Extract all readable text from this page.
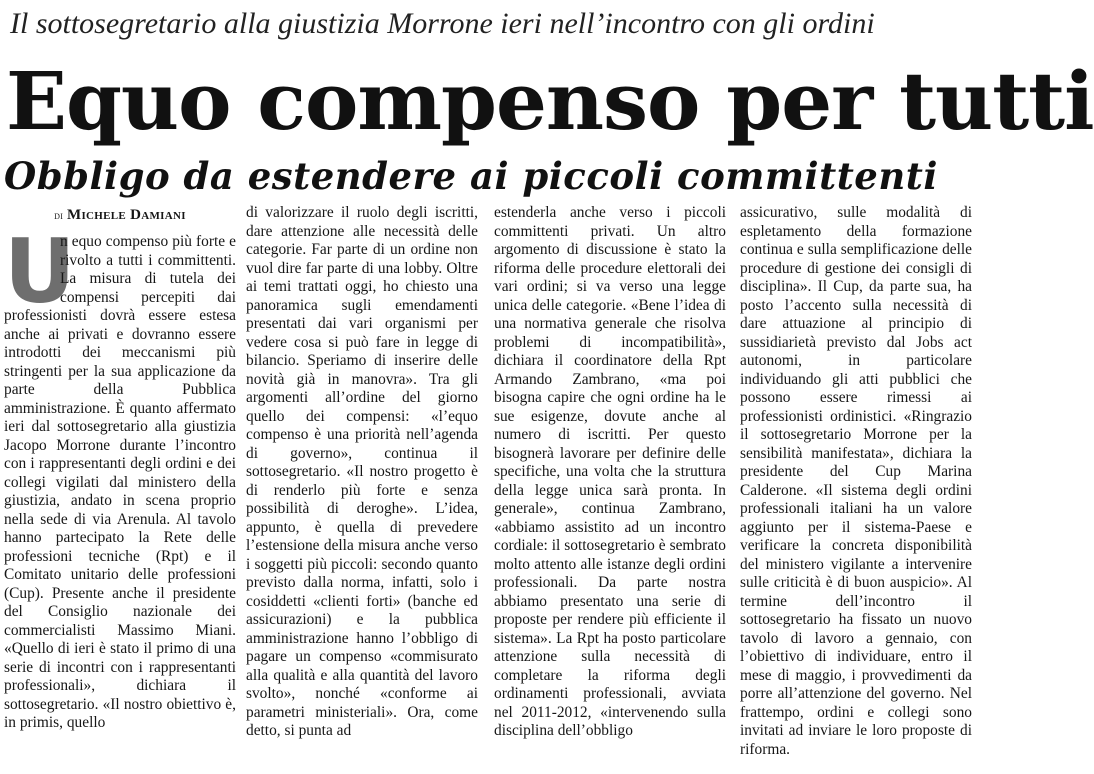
Il sottosegretario alla giustizia Morrone ieri nell’incontro con gli ordini
Equo compenso per tutti
Obbligo da estendere ai piccoli committenti
di Michele Damiani
U

n equo compenso più forte e rivolto a tutti i committenti. La misura di tutela dei compensi percepiti dai professionisti dovrà essere estesa anche ai privati e dovranno essere introdotti dei meccanismi più stringenti per la sua applicazione da parte della Pubblica amministrazione. È quanto affermato ieri dal sottosegretario alla giustizia Jacopo Morrone durante l’incontro con i rappresentanti degli ordini e dei collegi vigilati dal ministero della giustizia, andato in scena proprio nella sede di via Arenula. Al tavolo hanno partecipato la Rete delle professioni tecniche (Rpt) e il Comitato unitario delle professioni (Cup). Presente anche il presidente del Consiglio nazionale dei commercialisti Massimo Miani. «Quello di ieri è stato il primo di una serie di incontri con i rappresentanti professionali», dichiara il sottosegretario. «Il nostro obiettivo è, in primis, quello

di valorizzare il ruolo degli iscritti, dare attenzione alle necessità delle categorie. Far parte di un ordine non vuol dire far parte di una lobby. Oltre ai temi trattati oggi, ho chiesto una panoramica sugli emendamenti presentati dai vari organismi per vedere cosa si può fare in legge di bilancio. Speriamo di inserire delle novità già in manovra». Tra gli argomenti all’ordine del giorno quello dei compensi: «l’equo compenso è una priorità nell’agenda di governo», continua il sottosegretario. «Il nostro progetto è di renderlo più forte e senza possibilità di deroghe». L’idea, appunto, è quella di prevedere l’estensione della misura anche verso i soggetti più piccoli: secondo quanto previsto dalla norma, infatti, solo i cosiddetti «clienti forti» (banche ed assicurazioni) e la pubblica amministrazione hanno l’obbligo di pagare un compenso «commisurato alla qualità e alla quantità del lavoro svolto», nonché «conforme ai parametri ministeriali». Ora, come detto, si punta ad

estenderla anche verso i piccoli committenti privati. Un altro argomento di discussione è stato la riforma delle procedure elettorali dei vari ordini; si va verso una legge unica delle categorie. «Bene l’idea di una normativa generale che risolva problemi di incompatibilità», dichiara il coordinatore della Rpt Armando Zambrano, «ma poi bisogna capire che ogni ordine ha le sue esigenze, dovute anche al numero di iscritti. Per questo bisognerà lavorare per definire delle specifiche, una volta che la struttura della legge unica sarà pronta. In generale», continua Zambrano, «abbiamo assistito ad un incontro cordiale: il sottosegretario è sembrato molto attento alle istanze degli ordini professionali. Da parte nostra abbiamo presentato una serie di proposte per rendere più efficiente il sistema». La Rpt ha posto particolare attenzione sulla necessità di completare la riforma degli ordinamenti professionali, avviata nel 2011-2012, «intervenendo sulla disciplina dell’obbligo

assicurativo, sulle modalità di espletamento della formazione continua e sulla semplificazione delle procedure di gestione dei consigli di disciplina». Il Cup, da parte sua, ha posto l’accento sulla necessità di dare attuazione al principio di sussidiarietà previsto dal Jobs act autonomi, in particolare individuando gli atti pubblici che possono essere rimessi ai professionisti ordinistici. «Ringrazio il sottosegretario Morrone per la sensibilità manifestata», dichiara la presidente del Cup Marina Calderone. «Il sistema degli ordini professionali italiani ha un valore aggiunto per il sistema-Paese e verificare la concreta disponibilità del ministero vigilante a intervenire sulle criticità è di buon auspicio». Al termine dell’incontro il sottosegretario ha fissato un nuovo tavolo di lavoro a gennaio, con l’obiettivo di individuare, entro il mese di maggio, i provvedimenti da porre all’attenzione del governo. Nel frattempo, ordini e collegi sono invitati ad inviare le loro proposte di riforma.
